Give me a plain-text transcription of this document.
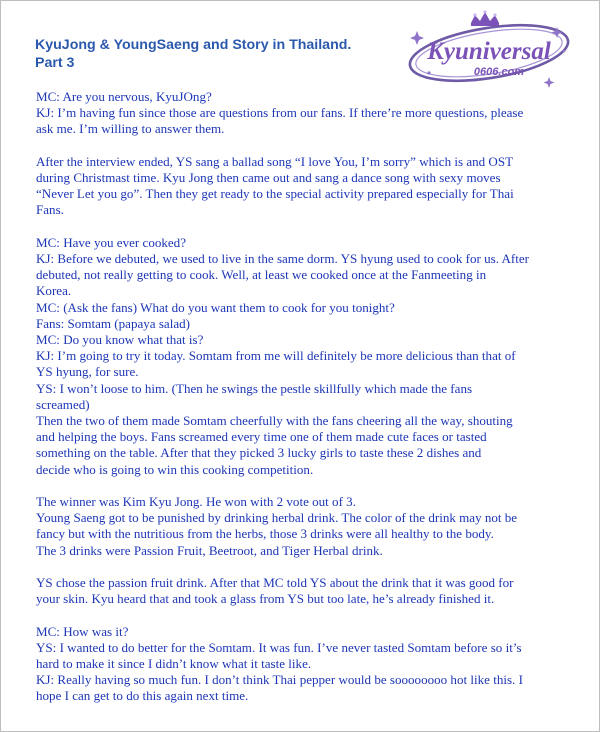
KyuJong & YoungSaeng and Story in Thailand.
Part 3	Kyuniversal
0606.com
MC: Are you nervous, KyuJOng?
KJ: I’m having fun since those are questions from our fans. If there’re more questions, please
ask me. I’m willing to answer them.
After the interview ended, YS sang a ballad song “I love You, I’m sorry” which is and OST
during Christmast time. Kyu Jong then came out and sang a dance song with sexy moves
“Never Let you go”. Then they get ready to the special activity prepared especially for Thai
Fans.
MC: Have you ever cooked?
KJ: Before we debuted, we used to live in the same dorm. YS hyung used to cook for us. After
debuted, not really getting to cook. Well, at least we cooked once at the Fanmeeting in
Korea.
MC: (Ask the fans) What do you want them to cook for you tonight?
Fans: Somtam (papaya salad)
MC: Do you know what that is?
KJ: I’m going to try it today. Somtam from me will definitely be more delicious than that of
YS hyung, for sure.
YS: I won’t loose to him. (Then he swings the pestle skillfully which made the fans
screamed)
Then the two of them made Somtam cheerfully with the fans cheering all the way, shouting
and helping the boys. Fans screamed every time one of them made cute faces or tasted
something on the table. After that they picked 3 lucky girls to taste these 2 dishes and
decide who is going to win this cooking competition.
The winner was Kim Kyu Jong. He won with 2 vote out of 3.
Young Saeng got to be punished by drinking herbal drink. The color of the drink may not be
fancy but with the nutritious from the herbs, those 3 drinks were all healthy to the body.
The 3 drinks were Passion Fruit, Beetroot, and Tiger Herbal drink.
YS chose the passion fruit drink. After that MC told YS about the drink that it was good for
your skin. Kyu heard that and took a glass from YS but too late, he’s already finished it.
MC: How was it?
YS: I wanted to do better for the Somtam. It was fun. I’ve never tasted Somtam before so it’s
hard to make it since I didn’t know what it taste like.
KJ: Really having so much fun. I don’t think Thai pepper would be soooooooo hot like this. I
hope I can get to do this again next time.
